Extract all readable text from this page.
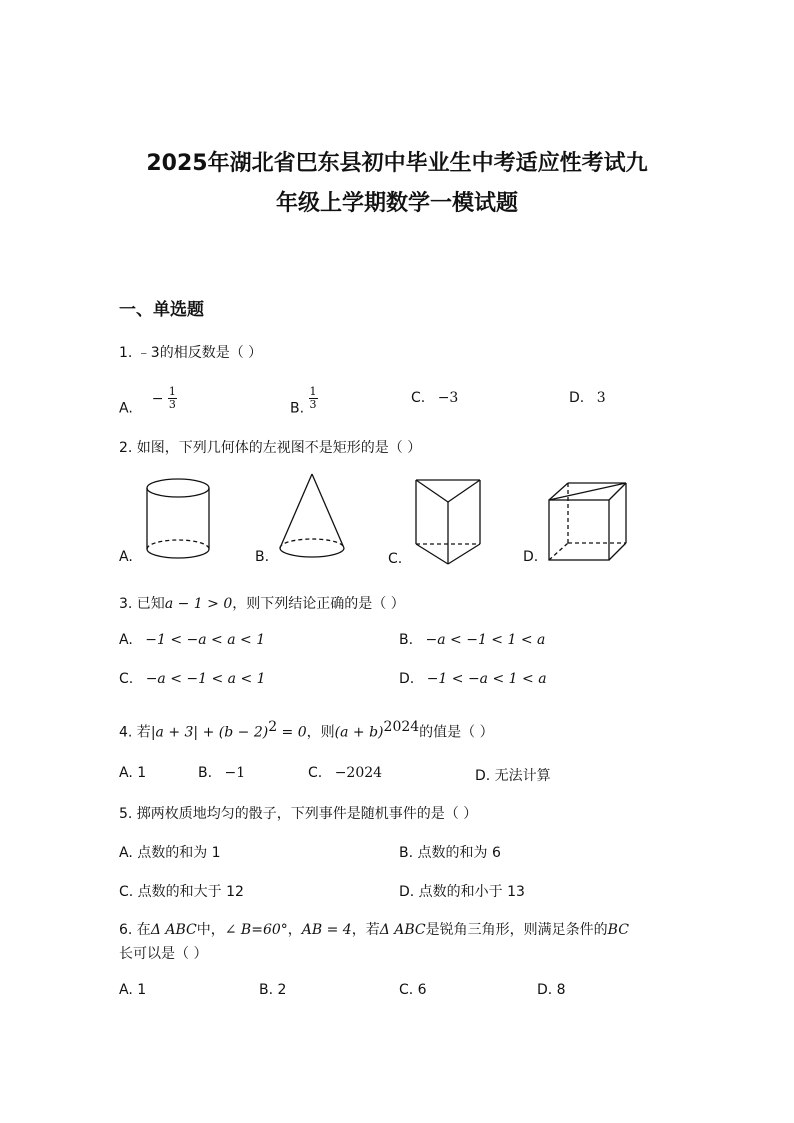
2025年湖北省巴东县初中毕业生中考适应性考试九
年级上学期数学一模试题
一、单选题
1. ﹣3的相反数是（ ）
A.  − $\frac{1}{3}$	B. $\frac{1}{3}$	C. −3	D. 3
2. 如图，下列几何体的左视图不是矩形的是（ ）
A.	B.	C.	D.
3. 已知a − 1 > 0，则下列结论正确的是（ ）
A. −1 < −a < a < 1	B. −a < −1 < 1 < a
C. −a < −1 < a < 1	D. −1 < −a < 1 < a
4. 若$|a + 3| + (b - 2)^2 = 0$，则$(a + b)^{2024}$的值是（ ）
A. 1	B. −1	C. −2024	D. 无法计算
5. 掷两枚质地均匀的骰子，下列事件是随机事件的是（ ）
A. 点数的和为 1	B. 点数的和为 6
C. 点数的和大于 12	D. 点数的和小于 13
6. 在Δ ABC中，∠ B=60°，AB = 4，若Δ ABC是锐角三角形，则满足条件的BC
长可以是（ ）
A. 1	B. 2	C. 6	D. 8
